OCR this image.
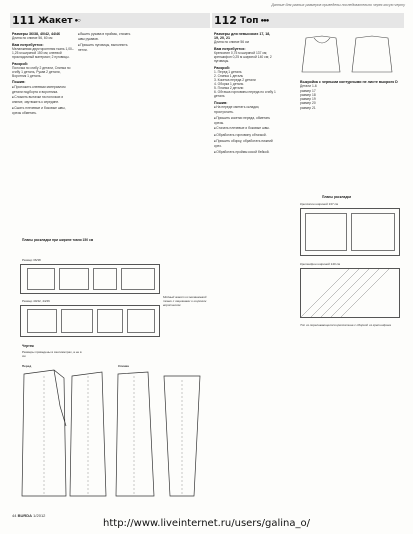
Данные для разных размеров приведены последовательно через косую черту
111 Жакет ●○	112 Топ ●●●
Размеры 36/38, 40/42, 44/46
Длина по спинке 56, 60 см
Вам потребуется:
Меланжевая двустороннняя ткань 1,00–1,25 м шириной 150 см; клеевой прокладочный материал; 2 пуговицы.
Раскрой:
Полочка по сгибу 2 детали, Спинка по сгибу 1 деталь, Рукав 2 детали, Воротник 1 деталь.
Пошив:
■ Проложить клеевым материалом детали подборта и воротника.
■ Сложить вытачки на полочках и спинке, заутюжить к середине.
■ Сшить плечевые и боковые швы, срезы обметать.
■ Вшить рукава в проймы, стачать швы рукавов.
■ Пришить пуговицы, выполнить петли.

Планы раскладки при ширине ткани 150 см
Размер 36/38
Размер 40/42, 44/46
Модный жакет из меланжевой ткани с лацканами и широким воротником
Чертеж
Размеры приведены в сантиметрах, а не в см
Перед	Спинка
Размеры для невысоких 17, 18, 19, 20, 21
Длина по спинке 56 см
Вам потребуется:
Крепсатин 0,75 м шириной 137 см; крепшифон 0,25 м шириной 140 см; 2 пуговицы.
Раскрой:
1. Перед 1 деталь
2. Спинка 1 деталь
3. Кокетка переда 2 детали
4. Оборка 1 деталь
5. Планка 2 детали
6. Обтачка горловины переда по сгибу 1 деталь
Пошив:
■ На переде сметать складки, прострочить.
■ Пришить кокетки переда, обметать срезы.
■ Стачать плечевые и боковые швы.
■ Обработать горловину обтачкой.
■ Пришить оборку, обработать нижний срез.
■ Обработать проймы косой бейкой.
Выкройка с черными контурными не листе выкроек D
Детали 1-6
размер 17
размер 18
размер 19
размер 20
размер 21
Планы раскладки
Крепсатин шириной 137 см
Крепшифон шириной 140 см
Топ из переливающегося крепсатина с оборкой из крепшифона

44 BURDA 1/2012
http://www.liveinternet.ru/users/galina_o/
